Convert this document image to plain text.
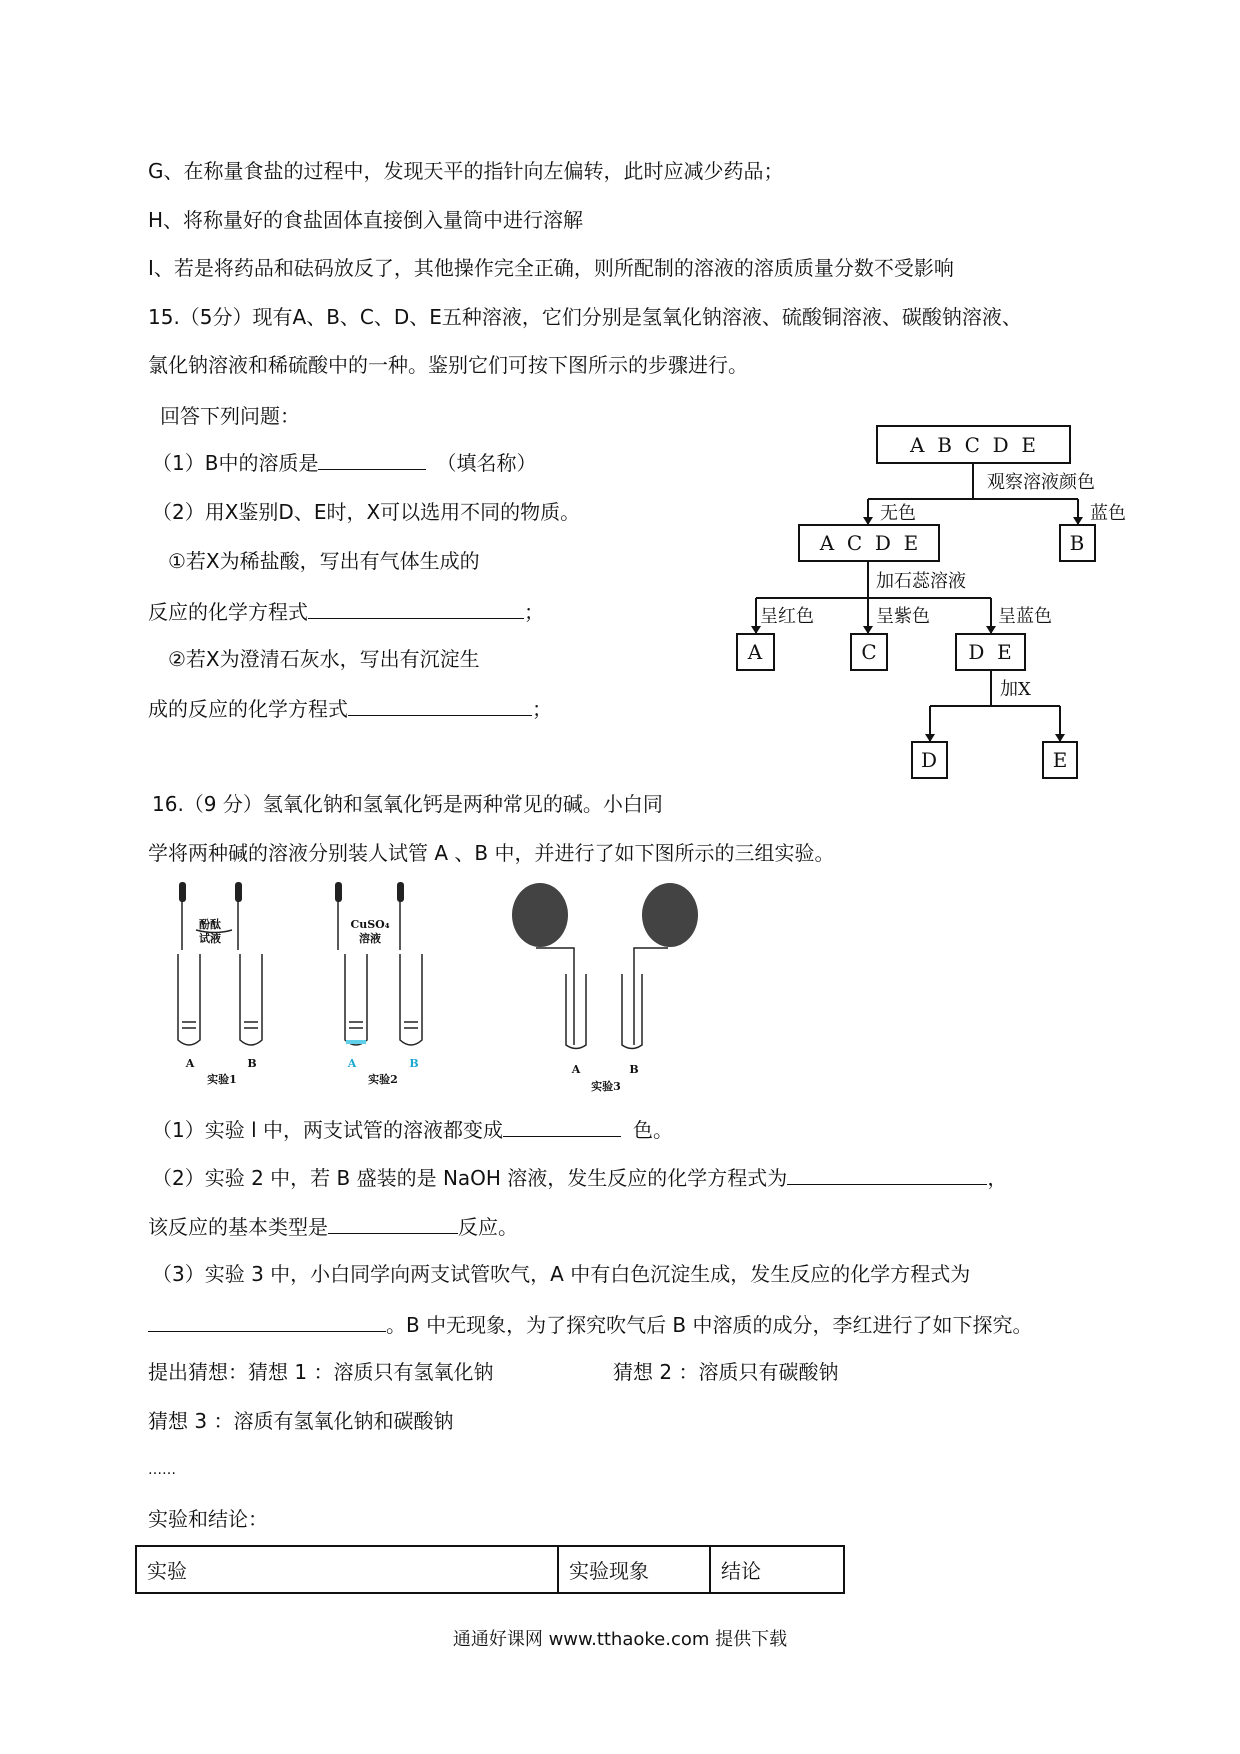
G、在称量食盐的过程中，发现天平的指针向左偏转，此时应减少药品；
H、将称量好的食盐固体直接倒入量筒中进行溶解
I、若是将药品和砝码放反了，其他操作完全正确，则所配制的溶液的溶质质量分数不受影响
15.（5分）现有A、B、C、D、E五种溶液，它们分别是氢氧化钠溶液、硫酸铜溶液、碳酸钠溶液、
氯化钠溶液和稀硫酸中的一种。鉴别它们可按下图所示的步骤进行。
回答下列问题：
（1）B中的溶质是	（填名称）
（2）用X鉴别D、E时，X可以选用不同的物质。
①若X为稀盐酸，写出有气体生成的
反应的化学方程式	；
②若X为澄清石灰水，写出有沉淀生
成的反应的化学方程式	；
A  B  C  D  E
观察溶液颜色
无色	蓝色
A  C  D  E	B
加石蕊溶液
呈红色	呈紫色	呈蓝色
A	C	D  E
加X
D	E
16.（9 分）氢氧化钠和氢氧化钙是两种常见的碱。小白同
学将两种碱的溶液分别装人试管 A 、B 中，并进行了如下图所示的三组实验。
酚酞
试液
CuSO₄
溶液
A	B
实验1
A	B
实验2
A	B
实验3
（1）实验 l 中，两支试管的溶液都变成	色。
（2）实验 2 中，若 B 盛装的是 NaOH 溶液，发生反应的化学方程式为	，
该反应的基本类型是	反应。
（3）实验 3 中，小白同学向两支试管吹气，A 中有白色沉淀生成，发生反应的化学方程式为
。B 中无现象，为了探究吹气后 B 中溶质的成分，李红进行了如下探究。
提出猜想：猜想 1 ：溶质只有氢氧化钠	猜想 2 ：溶质只有碳酸钠
猜想 3 ：溶质有氢氧化钠和碳酸钠
……
实验和结论：
实验	实验现象	结论
通通好课网 www.tthaoke.com 提供下载
